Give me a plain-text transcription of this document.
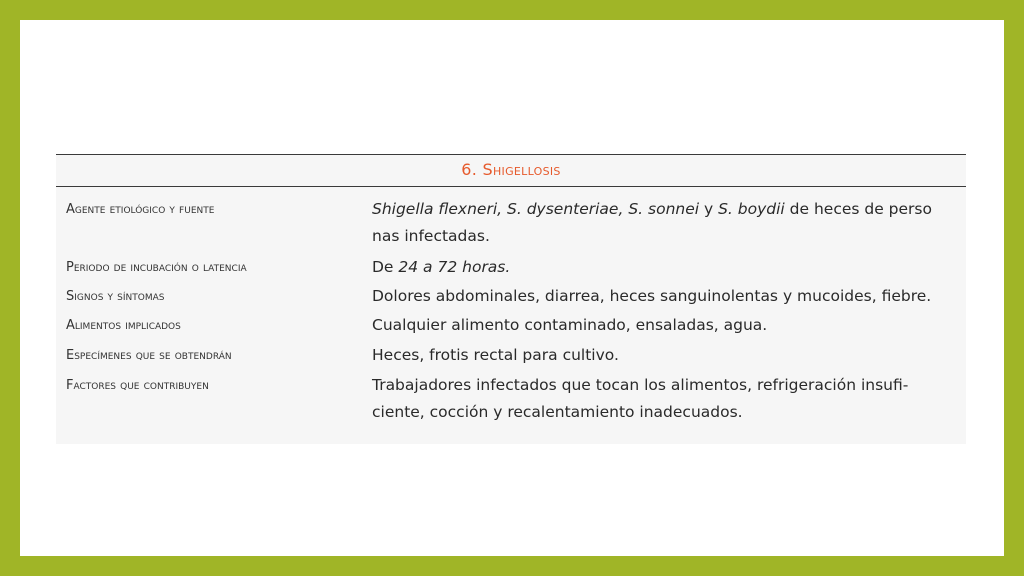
6. Shigellosis
Agente etiológico y fuente	Shigella flexneri, S. dysenteriae, S. sonnei y S. boydii de heces de perso
nas infectadas.
Periodo de incubación o latencia	De 24 a 72 horas.
Signos y síntomas	Dolores abdominales, diarrea, heces sanguinolentas y mucoides, fiebre.
Alimentos implicados	Cualquier alimento contaminado, ensaladas, agua.
Especímenes que se obtendrán	Heces, frotis rectal para cultivo.
Factores que contribuyen	Trabajadores infectados que tocan los alimentos, refrigeración insufi-
ciente, cocción y recalentamiento inadecuados.
